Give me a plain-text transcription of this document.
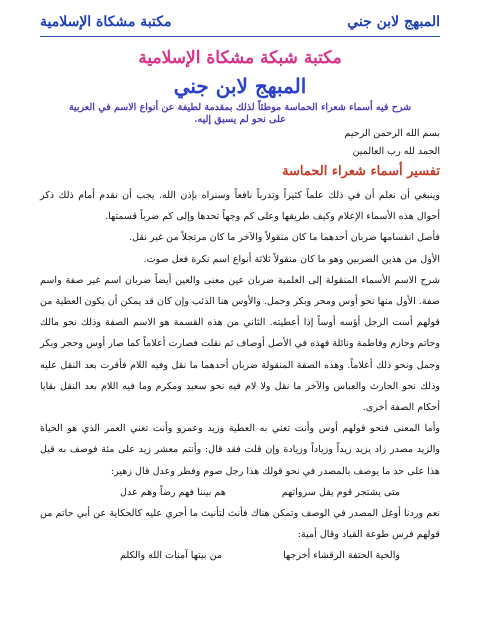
المبهج لابن جني
مكتبة مشكاة الإسلامية
مكتبة شبكة مشكاة الإسلامية
المبهج لابن جني
شرح فيه أسماء شعراء الحماسة موطئاً لذلك بمقدمة لطيفة عن أنواع الاسم في العربية على نحو لم يسبق إليه.

بسم الله الرحمن الرحيم

الحمد لله رب العالمين

تفسير أسماء شعراء الحماسة

وينبغي أن نعلم أن في ذلك علماً كثيراً وتدرباً نافعاً وسنراه بإذن الله. يجب أن نقدم أمام ذلك ذكر أحوال هذه الأسماء الإعلام وكيف طريقها وعلى كم وجهاً تحدها وإلى كم ضرباً قسمتها.

فأصل انقسامها ضربان أحدهما ما كان منقولاً والآخر ما كان مرتجلاً من غير نقل.

الأول من هذين الضربين وهو ما كان منقولاً ثلاثة أنواع اسم نكرة فعل صوت.

شرح الاسم الأسماء المنقولة إلى العلمية ضربان عين معنى والعين أيضاً ضربان اسم غير صفة واسم صفة. الأول منها نحو أوس ومحر وبكر وحمل. والأوس هنا الذئب وإن كان قد يمكن أن يكون العطية من قولهم أست الرجل أؤسه أوساً إذا أعطيته. الثاني من هذه القسمة هو الاسم الصفة وذلك نحو مالك وحاتم وحازم وفاطمة ونائلة فهذه في الأصل أوصاف ثم نقلت فصارت أعلاماً كما صار أوس وحجر وبكر وجمل ونحو ذلك أعلاماً. وهذه الصفة المنقولة ضربان أحدهما ما نقل وفيه اللام فأقرت بعد النقل عليه وذلك نحو الحارث والعباس والآخر ما نقل ولا لام فيه نحو سعيد ومكرم وما فيه اللام بعد النقل بقايا أحكام الصفة أخرى.

وأما المعنى فنحو قولهم أوس وأنت تعني به العطية وزيد وعمرو وأنت تعني العمر الذي هو الحياة والزيد مصدر زاد يزيد زيداً وزياداً وزيادة وإن قلت فقد قال: وأنتم معشر زيد على مئة فوصف به قيل هذا على حد ما يوصف بالمصدر في نحو قولك هذا رجل صوم وفطر وعدل قال زهير:

متى يشتجر قوم يقل سرواتهم
هم بيننا فهم رضاً وهم عدل

نعم وردنا أوغل المصدر في الوصف وتمكن هناك فأنث لتأنيث ما أجري عليه كالحكاية عن أبي حاتم من قولهم فرس طوعة القياد وقال أمية:

والحية الحتفة الرقشاء أخرجها
من بيتها آمنات الله والكلم
